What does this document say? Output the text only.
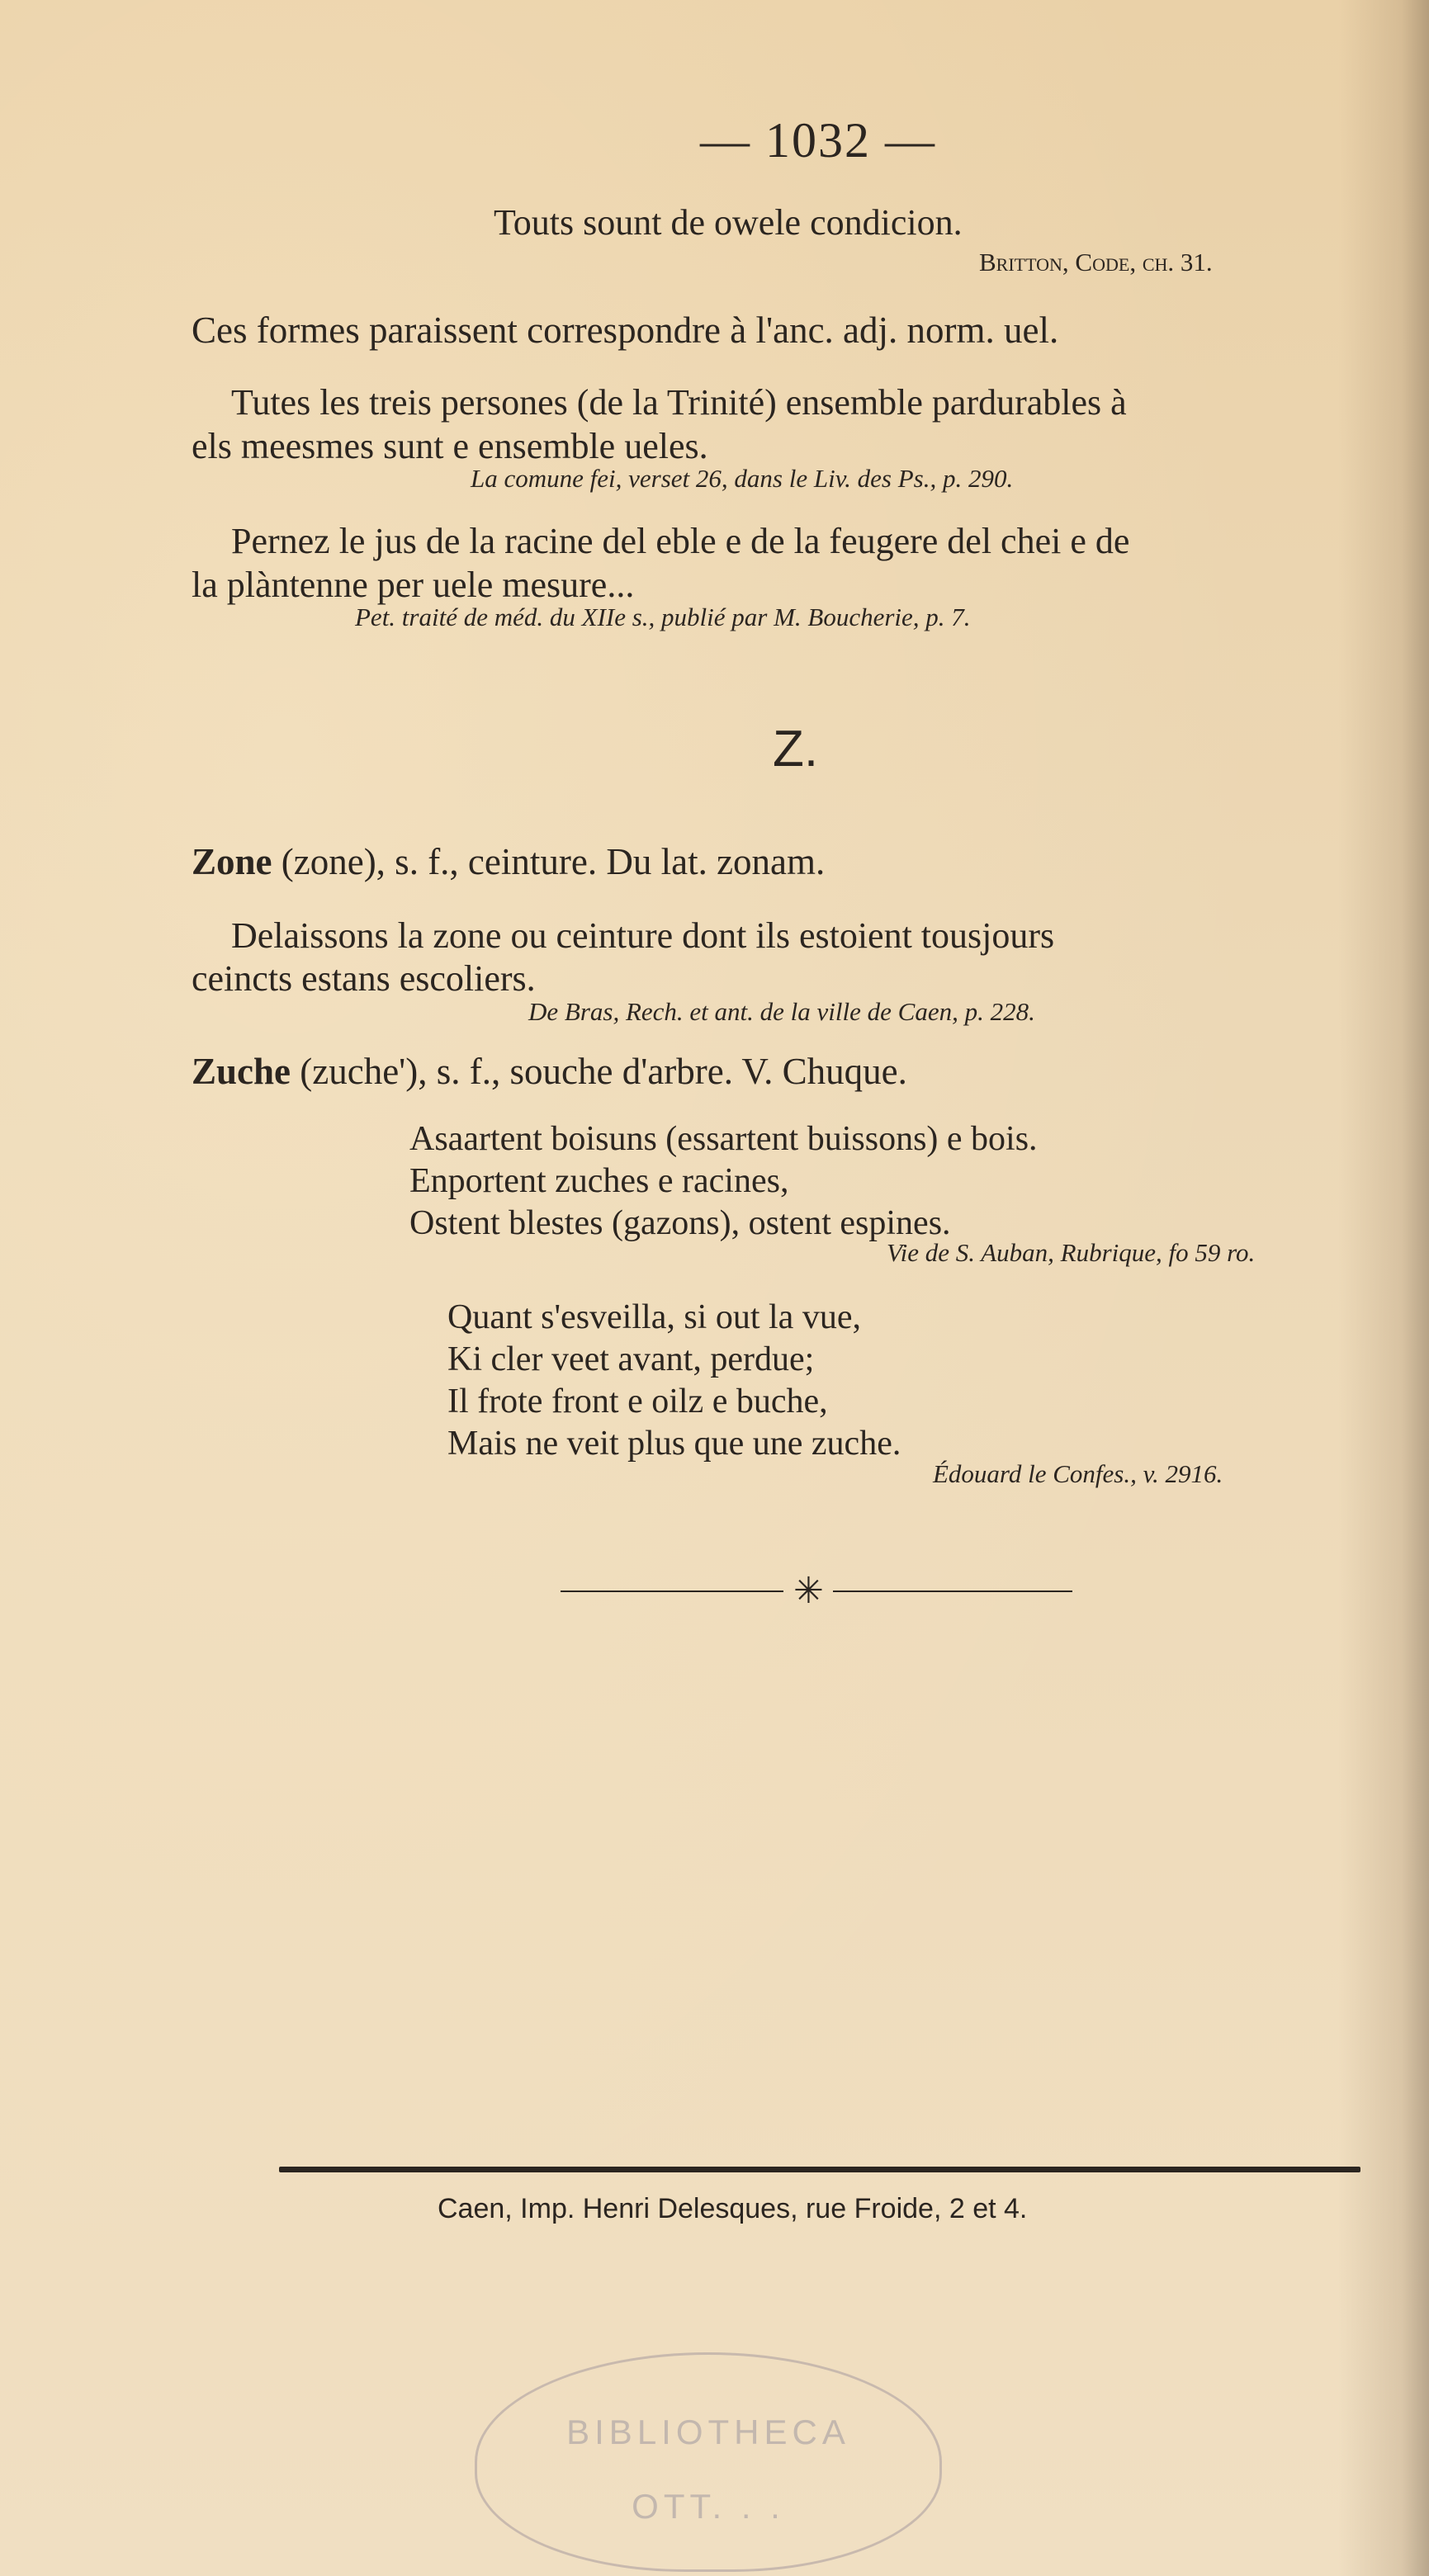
— 1032 —
Touts sount de owele condicion.
Britton, Code, ch. 31.
Ces formes paraissent correspondre à l'anc. adj. norm. uel.
Tutes les treis persones (de la Trinité) ensemble pardurables à
els meesmes sunt e ensemble ueles.
La comune fei, verset 26, dans le Liv. des Ps., p. 290.
Pernez le jus de la racine del eble e de la feugere del chei e de
la plàntenne per uele mesure...
Pet. traité de méd. du XIIe s., publié par M. Boucherie, p. 7.
Z.
Zone (zone), s. f., ceinture. Du lat. zonam.
Delaissons la zone ou ceinture dont ils estoient tousjours
ceincts estans escoliers.
De Bras, Rech. et ant. de la ville de Caen, p. 228.
Zuche (zuche'), s. f., souche d'arbre. V. Chuque.
Asaartent boisuns (essartent buissons) e bois.
Enportent zuches e racines,
Ostent blestes (gazons), ostent espines.
Vie de S. Auban, Rubrique, fo 59 ro.
Quant s'esveilla, si out la vue,
Ki cler veet avant, perdue;
Il frote front e oilz e buche,
Mais ne veit plus que une zuche.
Édouard le Confes., v. 2916.
✳
Caen, Imp. Henri Delesques, rue Froide, 2 et 4.
BIBLIOTHECA
OTT. . .
